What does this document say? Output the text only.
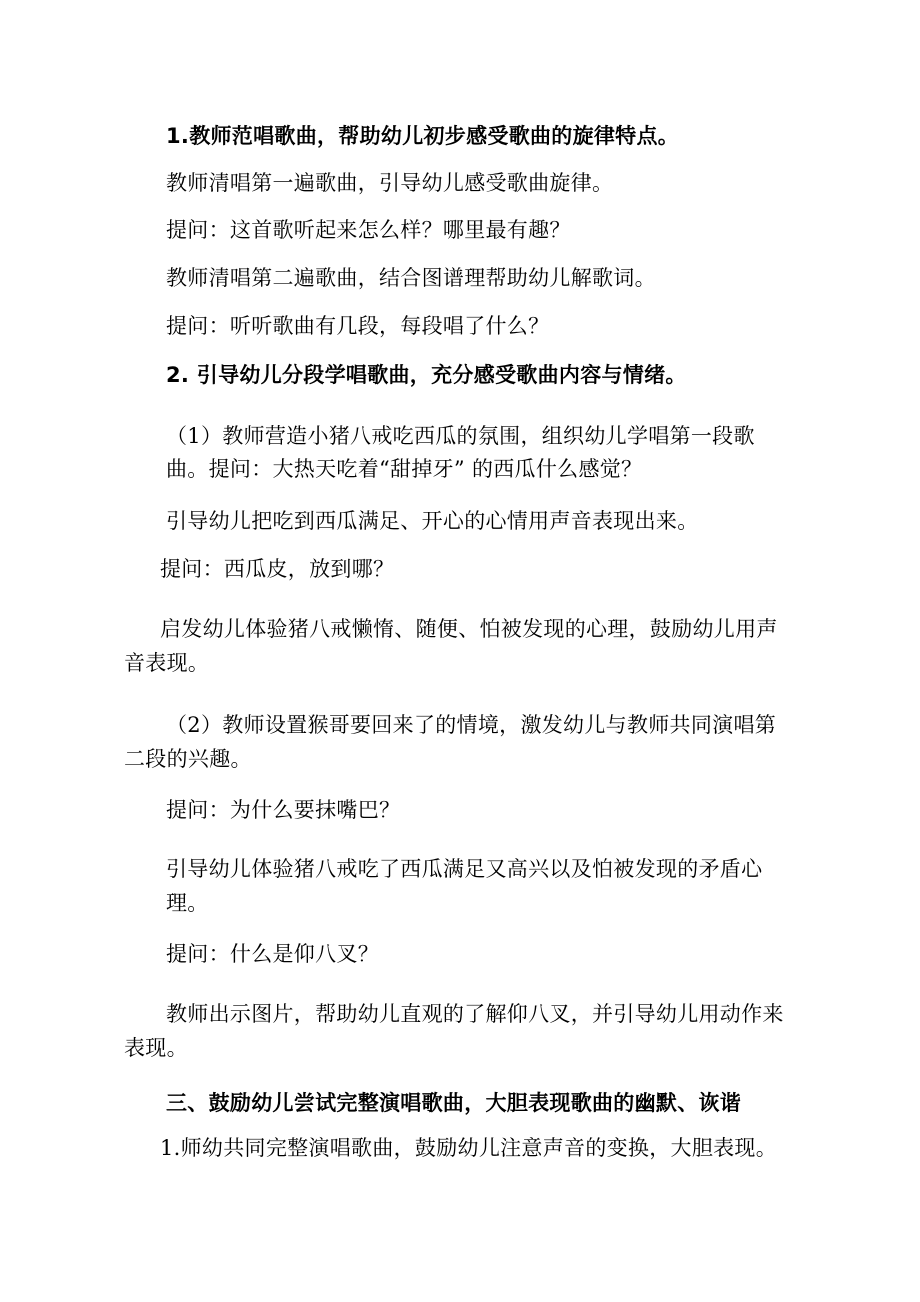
1.教师范唱歌曲，帮助幼儿初步感受歌曲的旋律特点。
教师清唱第一遍歌曲，引导幼儿感受歌曲旋律。
提问：这首歌听起来怎么样？哪里最有趣？
教师清唱第二遍歌曲，结合图谱理帮助幼儿解歌词。
提问：听听歌曲有几段，每段唱了什么？
2. 引导幼儿分段学唱歌曲，充分感受歌曲内容与情绪。
（1）教师营造小猪八戒吃西瓜的氛围，组织幼儿学唱第一段歌
曲。提问：大热天吃着“甜掉牙” 的西瓜什么感觉？
引导幼儿把吃到西瓜满足、开心的心情用声音表现出来。
提问：西瓜皮，放到哪？
启发幼儿体验猪八戒懒惰、随便、怕被发现的心理，鼓励幼儿用声
音表现。
（2）教师设置猴哥要回来了的情境，激发幼儿与教师共同演唱第
二段的兴趣。
提问：为什么要抹嘴巴？
引导幼儿体验猪八戒吃了西瓜满足又高兴以及怕被发现的矛盾心
理。
提问：什么是仰八叉？
教师出示图片，帮助幼儿直观的了解仰八叉，并引导幼儿用动作来
表现。
三、鼓励幼儿尝试完整演唱歌曲，大胆表现歌曲的幽默、诙谐
1.师幼共同完整演唱歌曲，鼓励幼儿注意声音的变换，大胆表现。
